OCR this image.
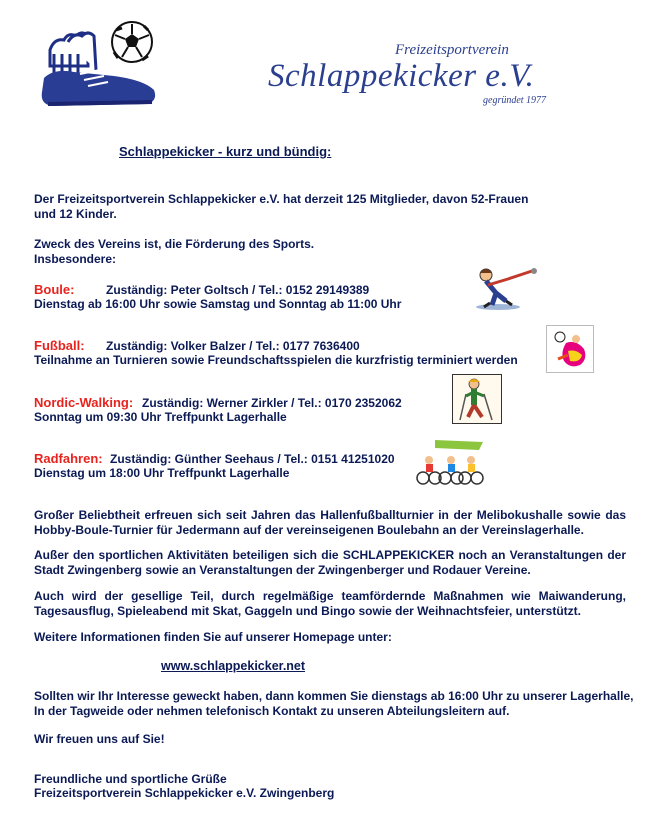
Freizeitsportverein
Schlappekicker e.V.
gegründet 1977
Schlappekicker - kurz und bündig:
Der Freizeitsportverein Schlappekicker e.V. hat derzeit 125 Mitglieder, davon 52-Frauen
und 12 Kinder.
Zweck des Vereins ist, die Förderung des Sports.
Insbesondere:
Boule:	Zuständig: Peter Goltsch / Tel.: 0152 29149389
Dienstag ab 16:00 Uhr sowie Samstag und Sonntag ab 11:00 Uhr
Fußball: Zuständig: Volker Balzer / Tel.: 0177 7636400
Teilnahme an Turnieren sowie Freundschaftsspielen die kurzfristig terminiert werden
Nordic-Walking: Zuständig: Werner Zirkler / Tel.: 0170 2352062
Sonntag um 09:30 Uhr Treffpunkt Lagerhalle
Radfahren: Zuständig: Günther Seehaus / Tel.: 0151 41251020
Dienstag um 18:00 Uhr Treffpunkt Lagerhalle
Großer Beliebtheit erfreuen sich seit Jahren das Hallenfußballturnier in der Melibokushalle sowie das
Hobby-Boule-Turnier für Jedermann auf der vereinseigenen Boulebahn an der Vereinslagerhalle.
Außer den sportlichen Aktivitäten beteiligen sich die SCHLAPPEKICKER noch an Veranstaltungen der
Stadt Zwingenberg sowie an Veranstaltungen der Zwingenberger und Rodauer Vereine.
Auch wird der gesellige Teil, durch regelmäßige teamfördernde Maßnahmen wie Maiwanderung,
Tagesausflug, Spieleabend mit Skat, Gaggeln und Bingo sowie der Weihnachtsfeier, unterstützt.
Weitere Informationen finden Sie auf unserer Homepage unter:
www.schlappekicker.net
Sollten wir Ihr Interesse geweckt haben, dann kommen Sie dienstags ab 16:00 Uhr zu unserer Lagerhalle,
In der Tagweide oder nehmen telefonisch Kontakt zu unseren Abteilungsleitern auf.
Wir freuen uns auf Sie!
Freundliche und sportliche Grüße
Freizeitsportverein Schlappekicker e.V. Zwingenberg
